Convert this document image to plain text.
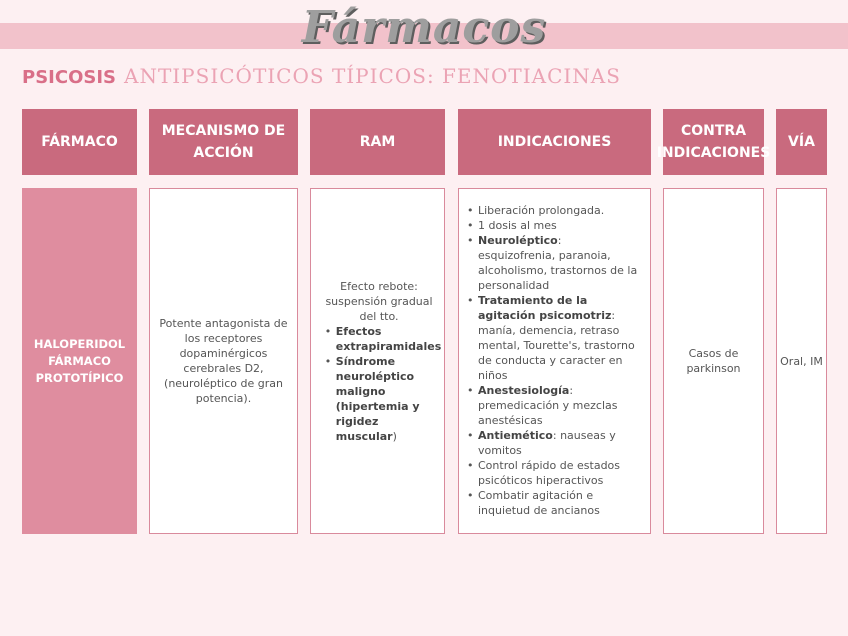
Fármacos
PSICOSIS ANTIPSICÓTICOS TÍPICOS: FENOTIACINAS
FÁRMACO
MECANISMO DE
ACCIÓN
RAM	INDICACIONES
CONTRA
INDICACIONES
VÍA
HALOPERIDOL
FÁRMACO
PROTOTÍPICO
Potente antagonista de los receptores dopaminérgicos cerebrales D2, (neuroléptico de gran potencia).
Efecto rebote: suspensión gradual del tto.
• Efectos extrapiramidales
• Síndrome neuroléptico maligno (hipertemia y rigidez muscular)
• Liberación prolongada.
• 1 dosis al mes
• Neuroléptico: esquizofrenia, paranoia, alcoholismo, trastornos de la personalidad
• Tratamiento de la agitación psicomotriz: manía, demencia, retraso mental, Tourette's, trastorno de conducta y caracter en niños
• Anestesiología: premedicación y mezclas anestésicas
• Antiemético: nauseas y vomitos
• Control rápido de estados psicóticos hiperactivos
• Combatir agitación e inquietud de ancianos
Casos de parkinson
Oral, IM
